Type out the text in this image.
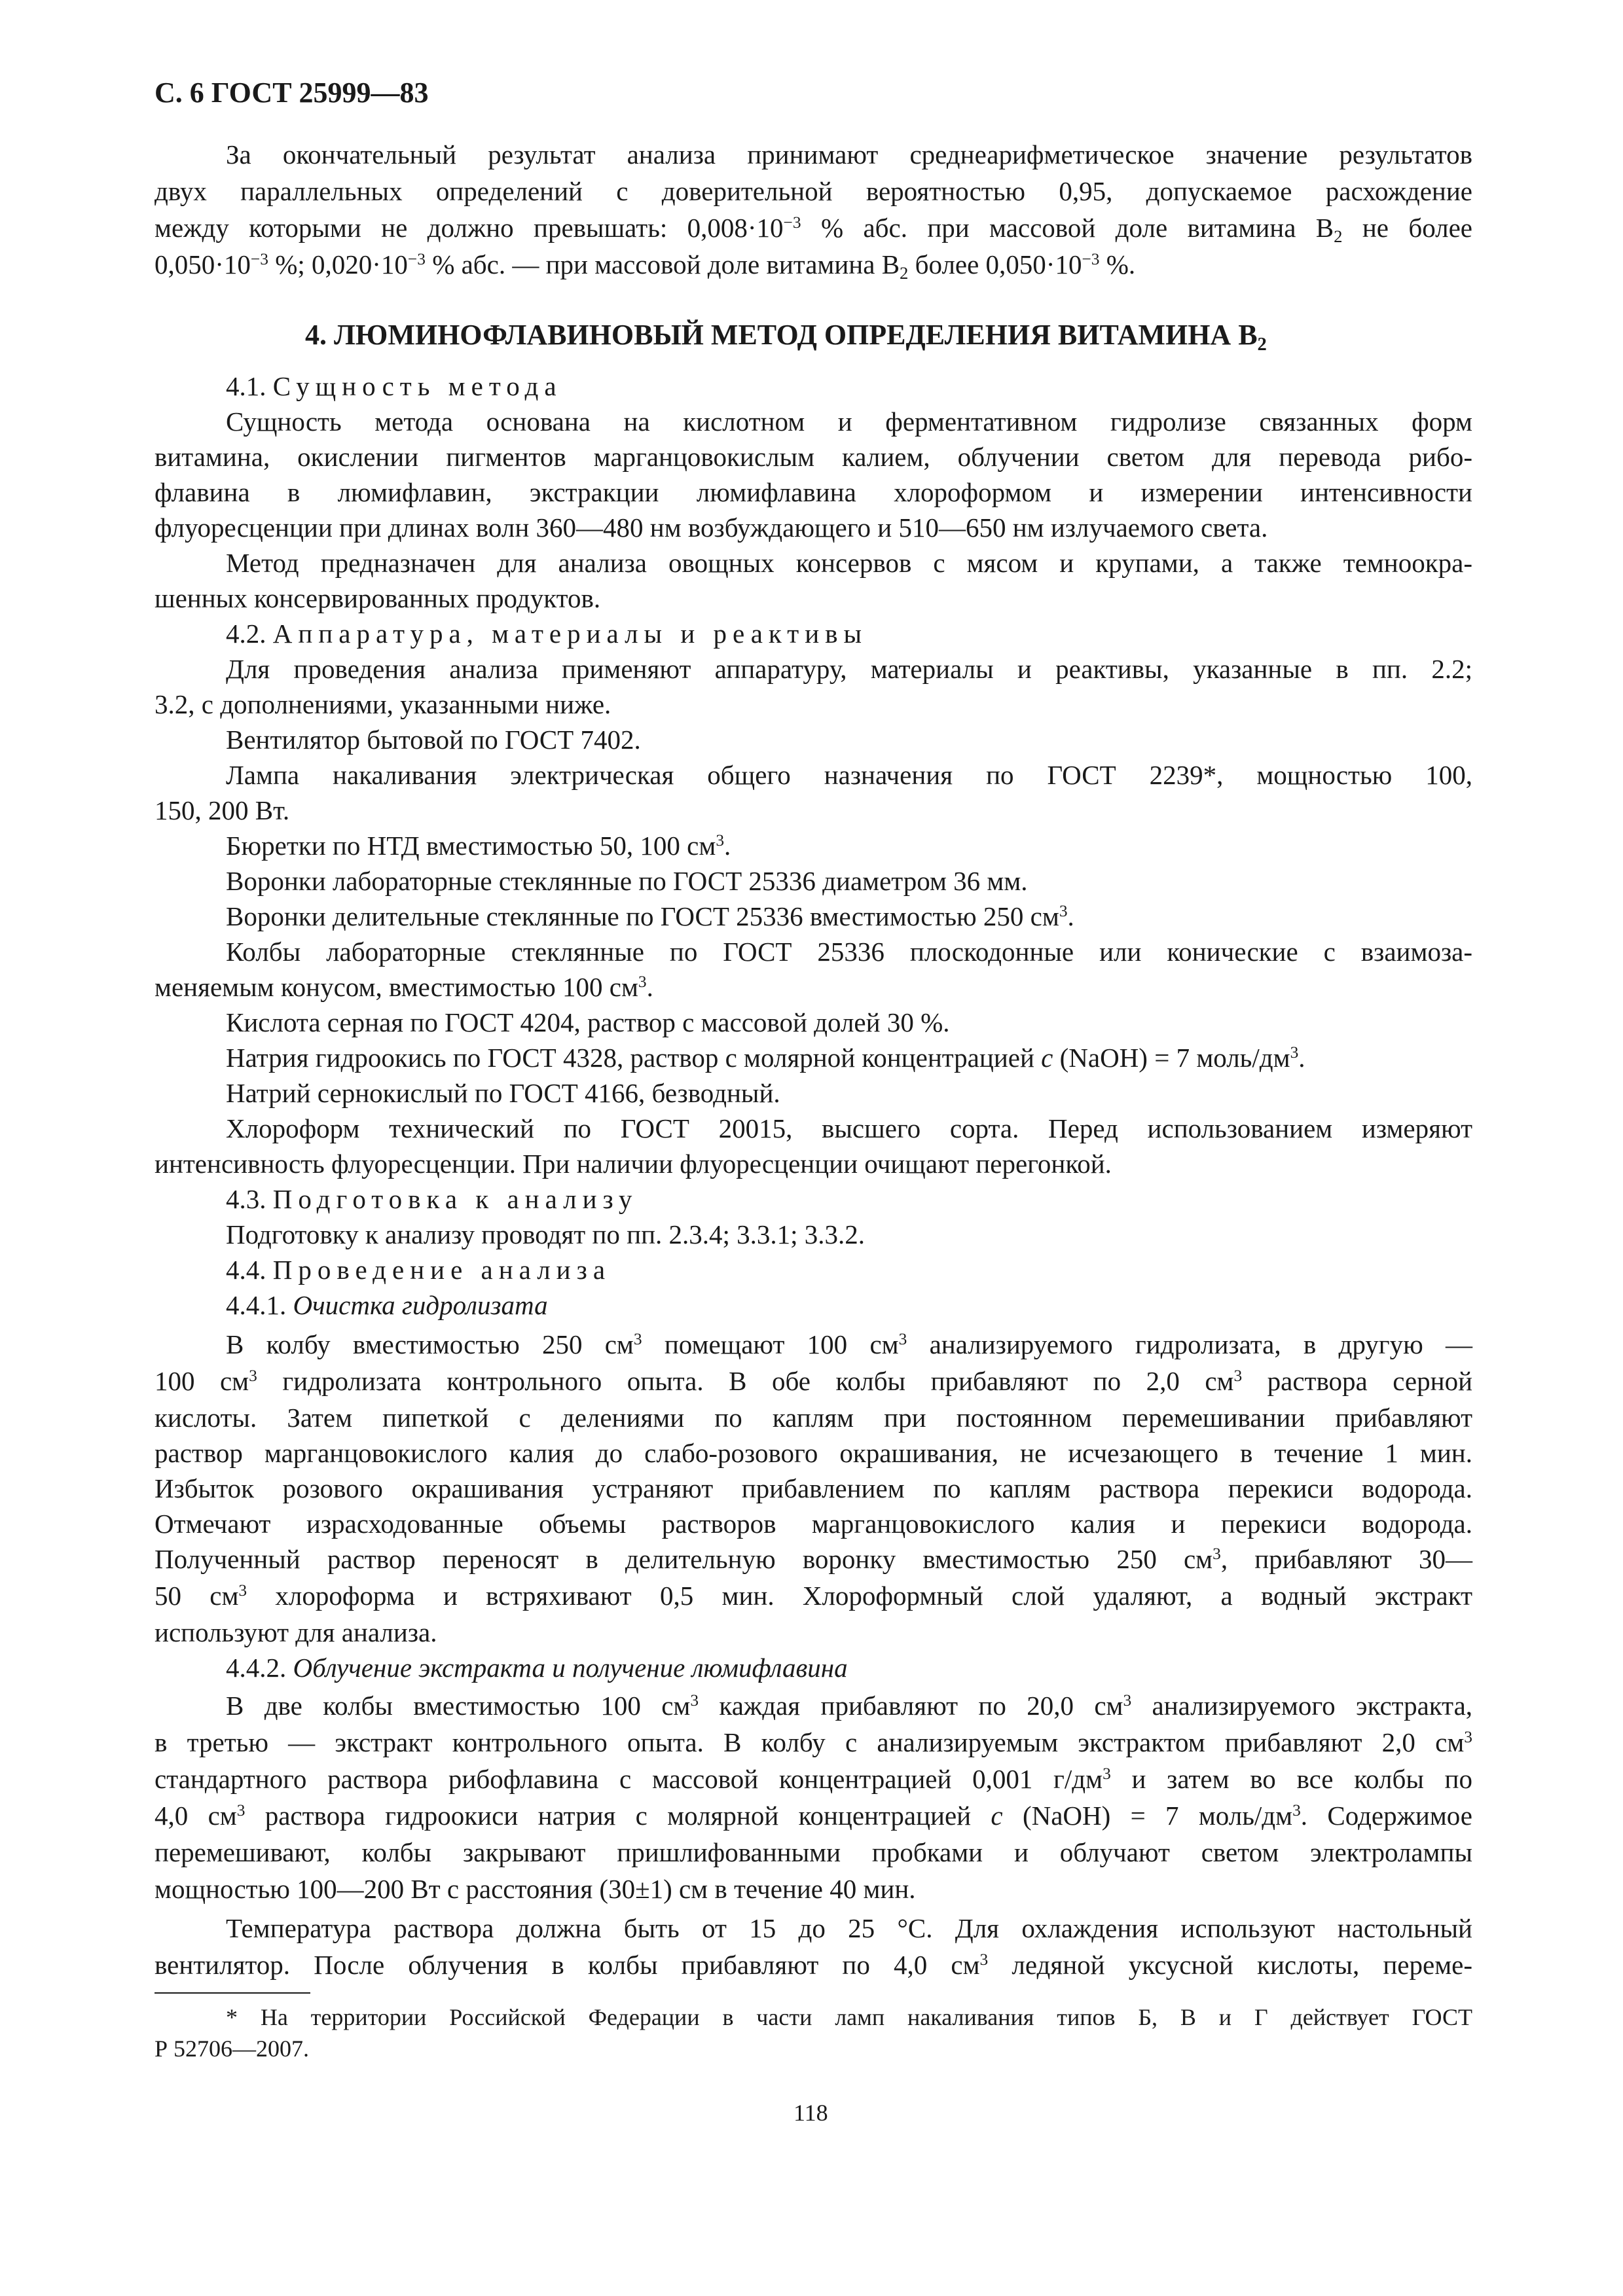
С. 6 ГОСТ 25999—83
За окончательный результат анализа принимают среднеарифметическое значение результатов
двух параллельных определений с доверительной вероятностью 0,95, допускаемое расхождение
между которыми не должно превышать: $0,008\cdot 10^{-3}$ % абс. при массовой доле витамина $B_2$ не более
$0,050\cdot 10^{-3}$ %; $0,020\cdot 10^{-3}$ % абс. — при массовой доле витамина $B_2$ более $0,050\cdot 10^{-3}$ %.
4. ЛЮМИНОФЛАВИНОВЫЙ МЕТОД ОПРЕДЕЛЕНИЯ ВИТАМИНА $B_2$
4.1. Сущность метода
Сущность метода основана на кислотном и ферментативном гидролизе связанных форм
витамина, окислении пигментов марганцовокислым калием, облучении светом для перевода рибо-
флавина в люмифлавин, экстракции люмифлавина хлороформом и измерении интенсивности
флуоресценции при длинах волн 360—480 нм возбуждающего и 510—650 нм излучаемого света.
Метод предназначен для анализа овощных консервов с мясом и крупами, а также темноокра-
шенных консервированных продуктов.
4.2. Аппаратура, материалы и реактивы
Для проведения анализа применяют аппаратуру, материалы и реактивы, указанные в пп. 2.2;
3.2, с дополнениями, указанными ниже.
Вентилятор бытовой по ГОСТ 7402.
Лампа накаливания электрическая общего назначения по ГОСТ 2239*, мощностью 100,
150, 200 Вт.
Бюретки по НТД вместимостью 50, 100 $см^3$.
Воронки лабораторные стеклянные по ГОСТ 25336 диаметром 36 мм.
Воронки делительные стеклянные по ГОСТ 25336 вместимостью 250 $см^3$.
Колбы лабораторные стеклянные по ГОСТ 25336 плоскодонные или конические с взаимоза-
меняемым конусом, вместимостью 100 $см^3$.
Кислота серная по ГОСТ 4204, раствор с массовой долей 30 %.
Натрия гидроокись по ГОСТ 4328, раствор с молярной концентрацией c (NaOH) = 7 моль/$дм^3$.
Натрий сернокислый по ГОСТ 4166, безводный.
Хлороформ технический по ГОСТ 20015, высшего сорта. Перед использованием измеряют
интенсивность флуоресценции. При наличии флуоресценции очищают перегонкой.
4.3. Подготовка к анализу
Подготовку к анализу проводят по пп. 2.3.4; 3.3.1; 3.3.2.
4.4. Проведение анализа
4.4.1. Очистка гидролизата
В колбу вместимостью 250 $см^3$ помещают 100 $см^3$ анализируемого гидролизата, в другую —
100 $см^3$ гидролизата контрольного опыта. В обе колбы прибавляют по 2,0 $см^3$ раствора серной
кислоты. Затем пипеткой с делениями по каплям при постоянном перемешивании прибавляют
раствор марганцовокислого калия до слабо-розового окрашивания, не исчезающего в течение 1 мин.
Избыток розового окрашивания устраняют прибавлением по каплям раствора перекиси водорода.
Отмечают израсходованные объемы растворов марганцовокислого калия и перекиси водорода.
Полученный раствор переносят в делительную воронку вместимостью 250 $см^3$, прибавляют 30—
50 $см^3$ хлороформа и встряхивают 0,5 мин. Хлороформный слой удаляют, а водный экстракт
используют для анализа.
4.4.2. Облучение экстракта и получение люмифлавина
В две колбы вместимостью 100 $см^3$ каждая прибавляют по 20,0 $см^3$ анализируемого экстракта,
в третью — экстракт контрольного опыта. В колбу с анализируемым экстрактом прибавляют 2,0 $см^3$
стандартного раствора рибофлавина с массовой концентрацией 0,001 $г/дм^3$ и затем во все колбы по
4,0 $см^3$ раствора гидроокиси натрия с молярной концентрацией c (NaOH) = 7 моль/$дм^3$. Содержимое
перемешивают, колбы закрывают пришлифованными пробками и облучают светом электролампы
мощностью 100—200 Вт с расстояния (30±1) см в течение 40 мин.
Температура раствора должна быть от 15 до 25 °С. Для охлаждения используют настольный
вентилятор. После облучения в колбы прибавляют по 4,0 $см^3$ ледяной уксусной кислоты, переме-
* На территории Российской Федерации в части ламп накаливания типов Б, В и Г действует ГОСТ
Р 52706—2007.
118
